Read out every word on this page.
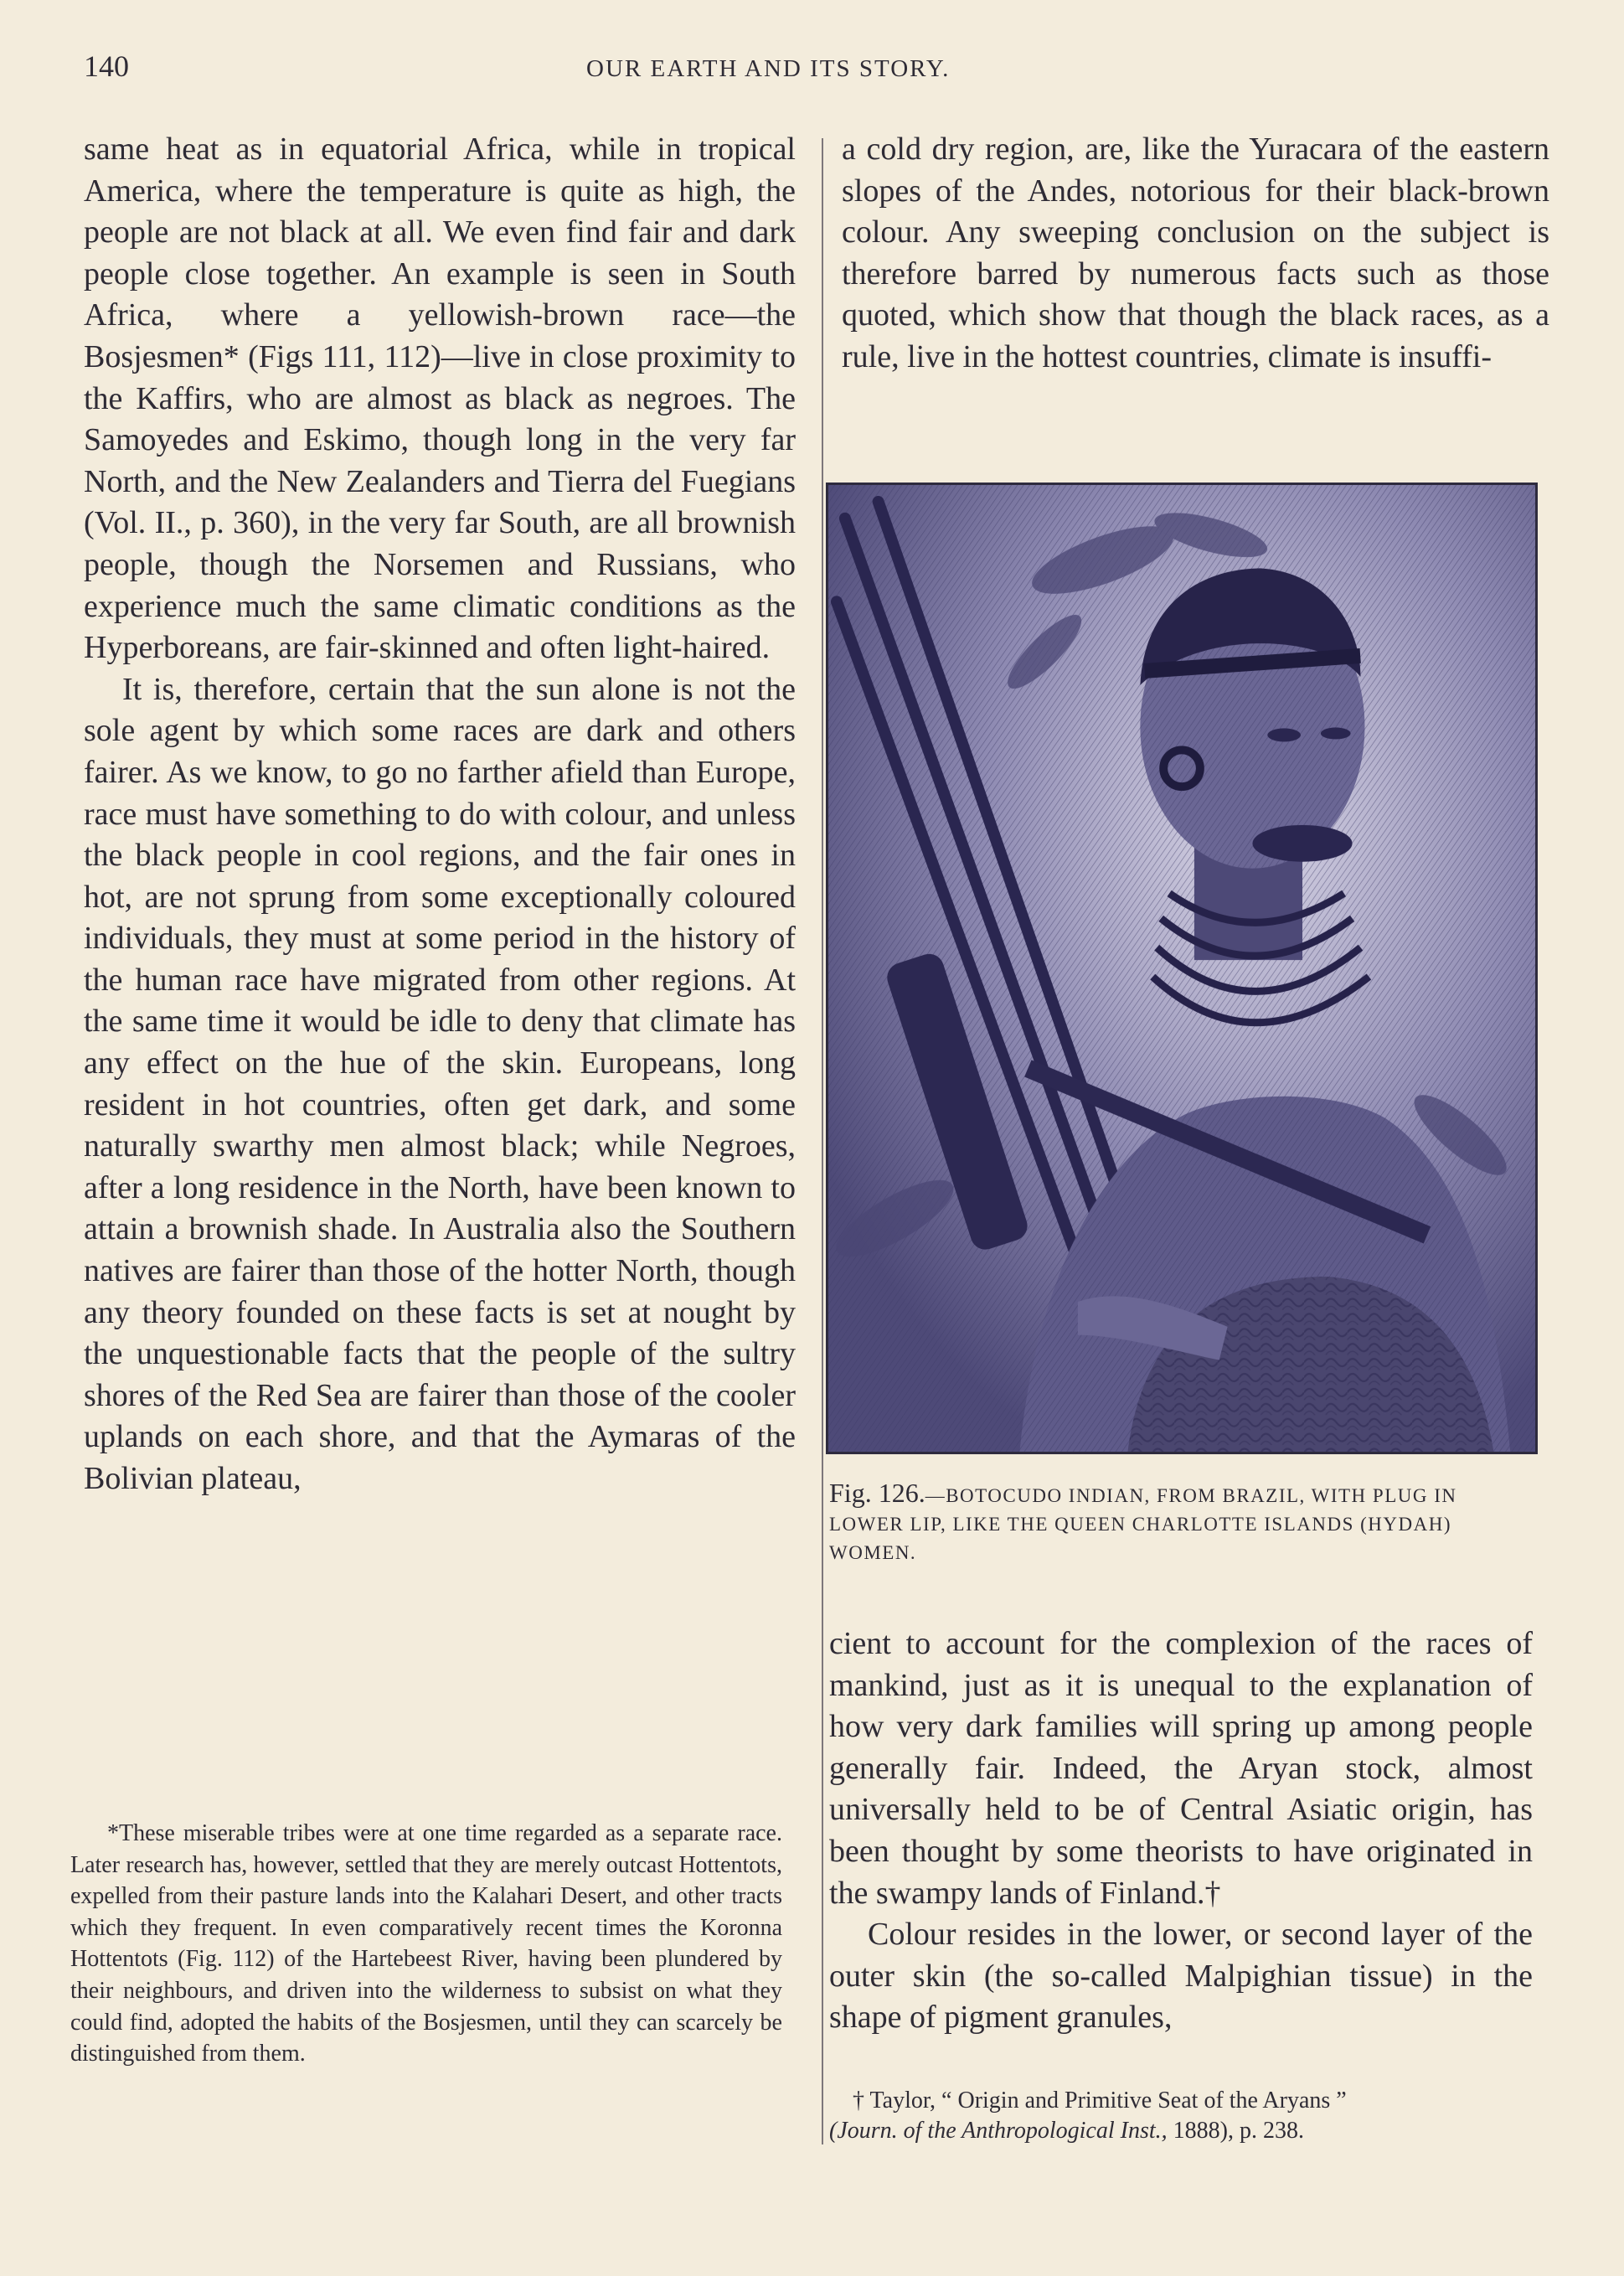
140	OUR EARTH AND ITS STORY.

same heat as in equatorial Africa, while in tropical America, where the temperature is quite as high, the people are not black at all. We even find fair and dark people close together. An example is seen in South Africa, where a yellowish-brown race—the Bosjesmen* (Figs 111, 112)—live in close proximity to the Kaffirs, who are almost as black as negroes. The Samoyedes and Eskimo, though long in the very far North, and the New Zealanders and Tierra del Fuegians (Vol. II., p. 360), in the very far South, are all brownish people, though the Norsemen and Russians, who experience much the same climatic conditions as the Hyperboreans, are fair-skinned and often light-haired.

It is, therefore, certain that the sun alone is not the sole agent by which some races are dark and others fairer. As we know, to go no farther afield than Europe, race must have something to do with colour, and unless the black people in cool regions, and the fair ones in hot, are not sprung from some exceptionally coloured individuals, they must at some period in the history of the human race have migrated from other regions. At the same time it would be idle to deny that climate has any effect on the hue of the skin. Europeans, long resident in hot countries, often get dark, and some naturally swarthy men almost black; while Negroes, after a long residence in the North, have been known to attain a brownish shade. In Australia also the Southern natives are fairer than those of the hotter North, though any theory founded on these facts is set at nought by the unquestionable facts that the people of the sultry shores of the Red Sea are fairer than those of the cooler uplands on each shore, and that the Aymaras of the Bolivian plateau,

*These miserable tribes were at one time regarded as a separate race. Later research has, however, settled that they are merely outcast Hottentots, expelled from their pasture lands into the Kalahari Desert, and other tracts which they frequent. In even comparatively recent times the Koronna Hottentots (Fig. 112) of the Hartebeest River, having been plundered by their neighbours, and driven into the wilderness to subsist on what they could find, adopted the habits of the Bosjesmen, until they can scarcely be distinguished from them.

a cold dry region, are, like the Yuracara of the eastern slopes of the Andes, notorious for their black-brown colour. Any sweeping conclusion on the subject is therefore barred by numerous facts such as those quoted, which show that though the black races, as a rule, live in the hottest countries, climate is insuffi-

Fig. 126.—BOTOCUDO INDIAN, FROM BRAZIL, WITH PLUG IN LOWER LIP, LIKE THE QUEEN CHARLOTTE ISLANDS (HYDAH) WOMEN.

cient to account for the complexion of the races of mankind, just as it is unequal to the explanation of how very dark families will spring up among people generally fair. Indeed, the Aryan stock, almost universally held to be of Central Asiatic origin, has been thought by some theorists to have originated in the swampy lands of Finland.†

Colour resides in the lower, or second layer of the outer skin (the so-called Malpighian tissue) in the shape of pigment granules,

† Taylor, “ Origin and Primitive Seat of the Aryans ”
(Journ. of the Anthropological Inst., 1888), p. 238.
